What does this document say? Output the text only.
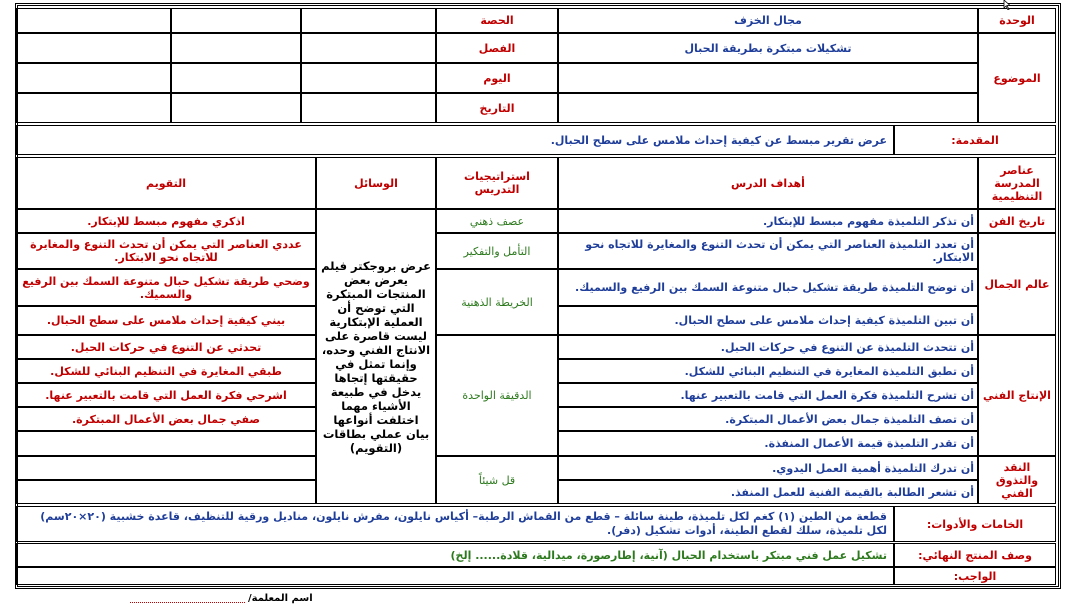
الوحدة
مجال الخزف
الحصة
الموضوع
تشكيلات مبتكرة بطريقة الحبال
الفصل
اليوم
التاريخ
المقدمة:
عرض تقرير مبسط عن كيفية إحداث ملامس على سطح الحبال.
عناصر المدرسة التنظيمية
أهداف الدرس
استراتيجيات التدريس
الوسائل
التقويم
تاريخ الفن
عالم الجمال
الإنتاج الفني
النقد والتذوق الفني
أن تذكر التلميذة مفهوم مبسط للإبتكار.
اذكري مفهوم مبسط للإبتكار.
أن تعدد التلميذة العناصر التي يمكن أن تحدث التنوع والمغايرة للاتجاه نحو الابتكار.
عددي العناصر التي يمكن أن تحدث التنوع والمغايرة للاتجاه نحو الابتكار.
أن توضح التلميذة طريقة تشكيل حبال متنوعة السمك بين الرفيع والسميك.
وضحي طريقة تشكيل حبال متنوعة السمك بين الرفيع والسميك.
أن تبين التلميذة كيفية إحداث ملامس على سطح الحبال.
بيني كيفية إحداث ملامس على سطح الحبال.
أن تتحدث التلميذة عن التنوع في حركات الحبل.
تحدثي عن التنوع في حركات الحبل.
أن تطبق التلميذة المغايرة في التنظيم البنائي للشكل.
طبقي المغايرة في التنظيم البنائي للشكل.
أن تشرح التلميذة فكرة العمل التي قامت بالتعبير عنها.
اشرحي فكرة العمل التي قامت بالتعبير عنها.
أن تصف التلميذة جمال بعض الأعمال المبتكرة.
صفي جمال بعض الأعمال المبتكرة.
أن تقدر التلميذة قيمة الأعمال المنفذة.
أن تدرك التلميذة أهمية العمل اليدوي.
أن تشعر الطالبة بالقيمة الفنية للعمل المنفذ.
عصف ذهني
التأمل والتفكير
الخريطة الذهنية
الدقيقة الواحدة
قل شيئاً
عرض بروجكتر فيلم يعرض بعض المنتجات المبتكرة التي توضح أن العملية الإبتكارية ليست قاصرة على الانتاج الفني وحده، وإنما تمثل في حقيقتها إتجاها يدخل في طبيعة الأشياء مهما اختلفت أنواعها بيان عملي بطاقات (التقويم)
الخامات والأدوات:
قطعة من الطين (١) كغم لكل تلميذة، طينة سائلة – قطع من القماش الرطبة– أكياس نايلون، مفرش نايلون، مناديل ورقية للتنظيف، قاعدة خشبية (٢٠×٢٠سم) لكل تلميذة، سلك لقطع الطينة، أدوات تشكيل (دفر).
وصف المنتج النهائي:
تشكيل عمل فني مبتكر باستخدام الحبال (آنية، إطارصورة، ميدالية، قلادة...... إلخ)
الواجب:
اسم المعلمة/
